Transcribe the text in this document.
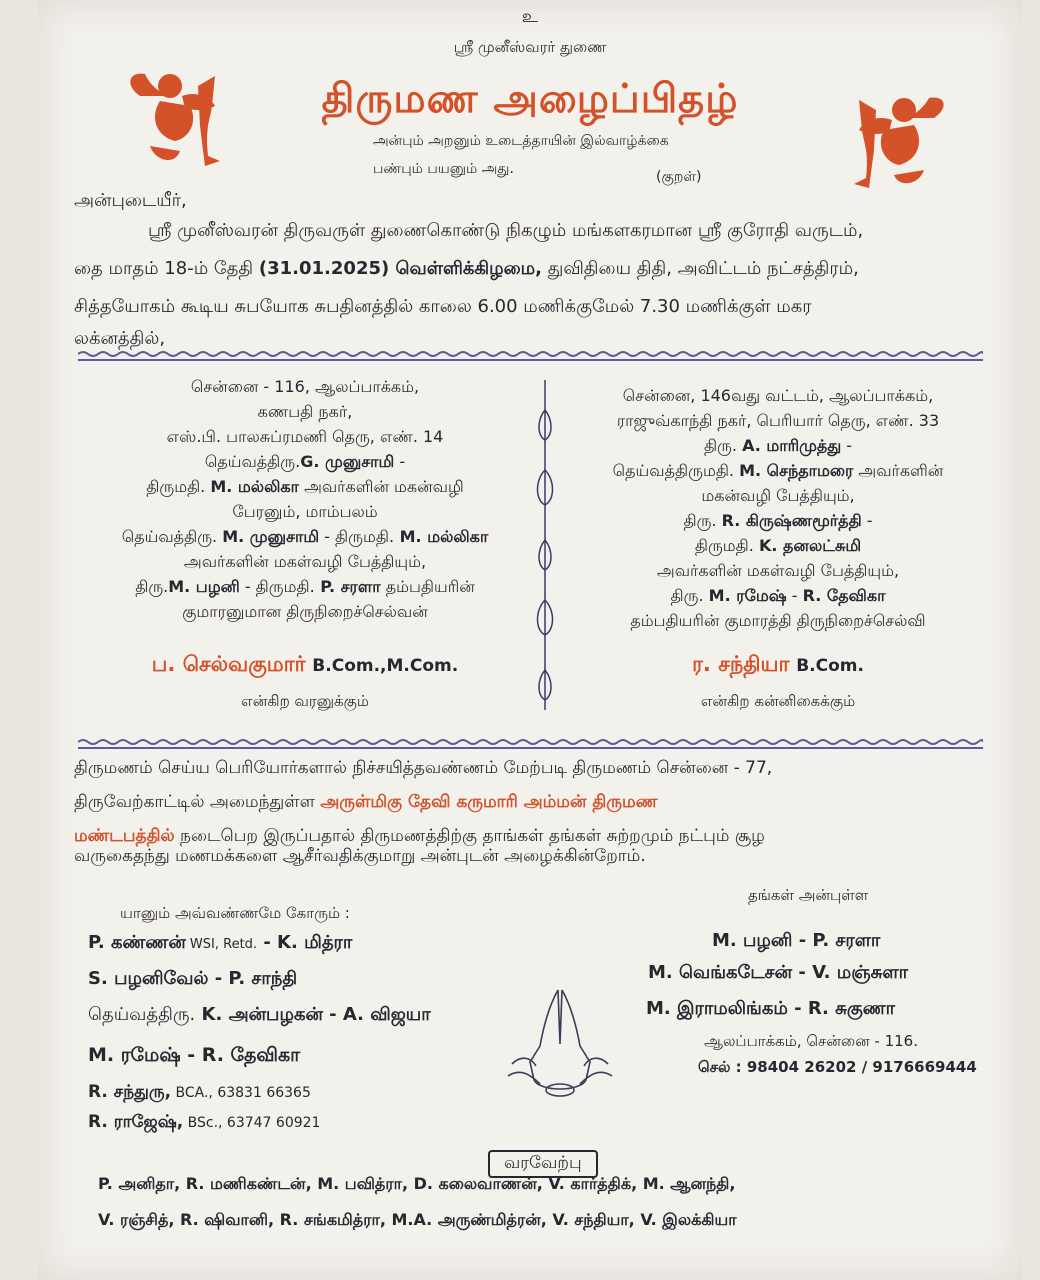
உ
ஸ்ரீ முனீஸ்வரர் துணை
திருமண அழைப்பிதழ்
அன்பும் அறனும் உடைத்தாயின் இல்வாழ்க்கை
பண்பும் பயனும் அது.	(குறள்)
அன்புடையீர்,
ஸ்ரீ முனீஸ்வரன் திருவருள் துணைகொண்டு நிகழும் மங்களகரமான ஸ்ரீ குரோதி வருடம்,
தை மாதம் 18-ம் தேதி (31.01.2025) வெள்ளிக்கிழமை, துவிதியை திதி, அவிட்டம் நட்சத்திரம்,
சித்தயோகம் கூடிய சுபயோக சுபதினத்தில் காலை 6.00 மணிக்குமேல் 7.30 மணிக்குள் மகர
லக்னத்தில்,
சென்னை - 116, ஆலப்பாக்கம்,
கணபதி நகர்,
எஸ்.பி. பாலசுப்ரமணி தெரு, எண். 14
தெய்வத்திரு.G. முனுசாமி -
திருமதி. M. மல்லிகா அவர்களின் மகன்வழி
பேரனும், மாம்பலம்
தெய்வத்திரு. M. முனுசாமி - திருமதி. M. மல்லிகா
அவர்களின் மகள்வழி பேத்தியும்,
திரு.M. பழனி - திருமதி. P. சரளா தம்பதியரின்
குமாரனுமான திருநிறைச்செல்வன்
ப. செல்வகுமார் B.Com.,M.Com.
என்கிற வரனுக்கும்
சென்னை, 146வது வட்டம், ஆலப்பாக்கம்,
ராஜுவ்காந்தி நகர், பெரியார் தெரு, எண். 33
திரு. A. மாரிமுத்து -
தெய்வத்திருமதி. M. செந்தாமரை அவர்களின்
மகன்வழி பேத்தியும்,
திரு. R. கிருஷ்ணமூர்த்தி -
திருமதி. K. தனலட்சுமி
அவர்களின் மகள்வழி பேத்தியும்,
திரு. M. ரமேஷ் - R. தேவிகா
தம்பதியரின் குமாரத்தி திருநிறைச்செல்வி
ர. சந்தியா B.Com.
என்கிற கன்னிகைக்கும்
திருமணம் செய்ய பெரியோர்களால் நிச்சயித்தவண்ணம் மேற்படி திருமணம் சென்னை - 77,
திருவேற்காட்டில் அமைந்துள்ள அருள்மிகு தேவி கருமாரி அம்மன் திருமண
மண்டபத்தில் நடைபெற இருப்பதால் திருமணத்திற்கு தாங்கள் தங்கள் சுற்றமும் நட்பும் சூழ
வருகைதந்து மணமக்களை ஆசீர்வதிக்குமாறு அன்புடன் அழைக்கின்றோம்.
யானும் அவ்வண்ணமே கோரும் :
P. கண்ணன் WSI, Retd. - K. மித்ரா
S. பழனிவேல் - P. சாந்தி
தெய்வத்திரு. K. அன்பழகன் - A. விஜயா
M. ரமேஷ் - R. தேவிகா
R. சந்துரு, BCA., 63831 66365
R. ராஜேஷ், BSc., 63747 60921
தங்கள் அன்புள்ள
M. பழனி - P. சரளா
M. வெங்கடேசன் - V. மஞ்சுளா
M. இராமலிங்கம் - R. சுகுணா
ஆலப்பாக்கம், சென்னை - 116.
செல் : 98404 26202 / 9176669444
வரவேற்பு
P. அனிதா, R. மணிகண்டன், M. பவித்ரா, D. கலைவாணன், V. கார்த்திக், M. ஆனந்தி,
V. ரஞ்சித், R. ஷிவானி, R. சங்கமித்ரா, M.A. அருண்மித்ரன், V. சந்தியா, V. இலக்கியா
